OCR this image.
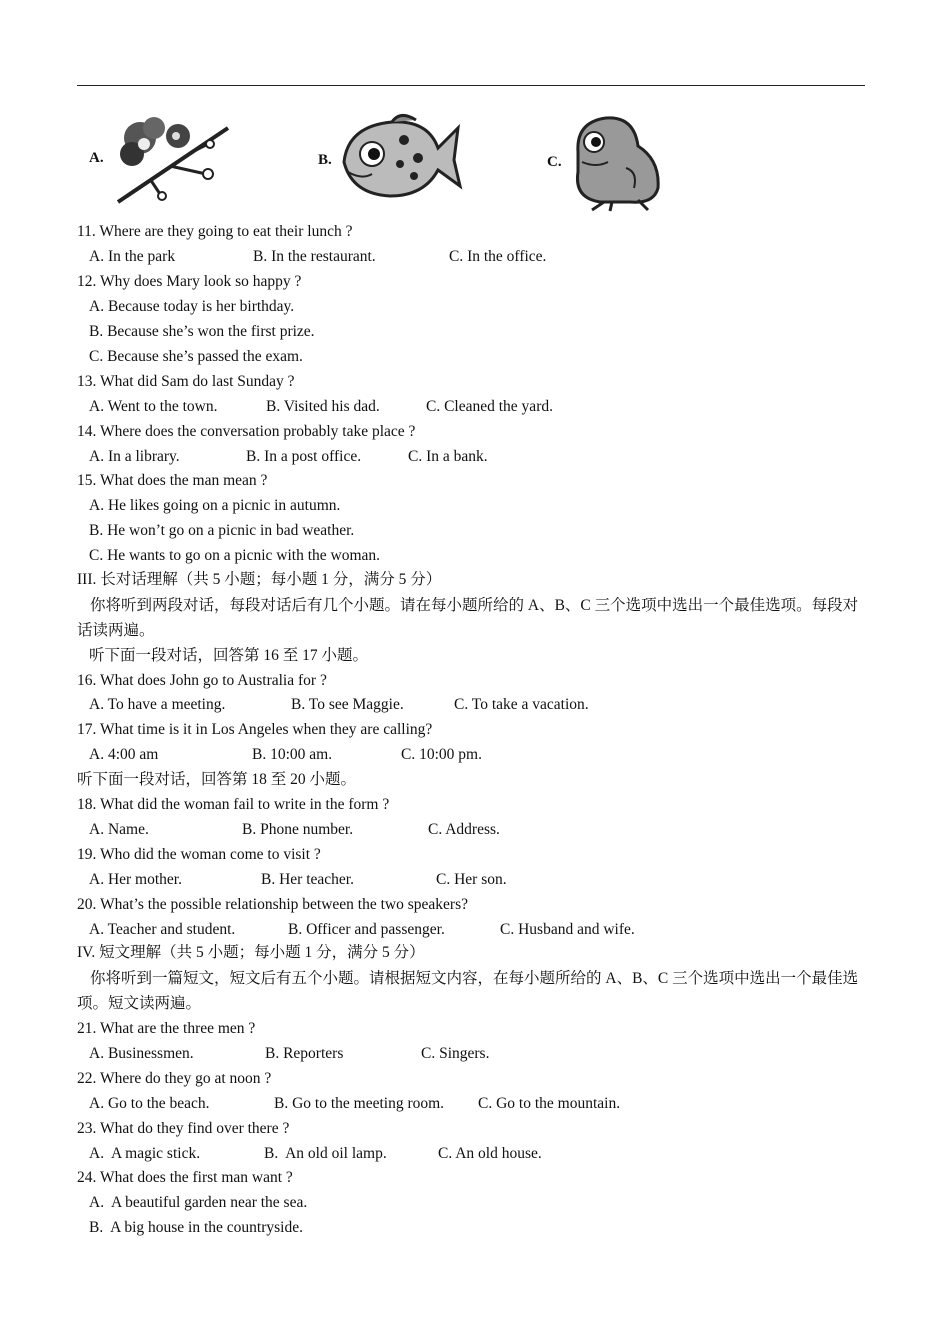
A.	B.	C.
11. Where are they going to eat their lunch ?
A. In the park	B. In the restaurant.	C. In the office.
12. Why does Mary look so happy ?
A. Because today is her birthday.
B. Because she’s won the first prize.
C. Because she’s passed the exam.
13. What did Sam do last Sunday ?
A. Went to the town.	B. Visited his dad.	C. Cleaned the yard.
14. Where does the conversation probably take place ?
A. In a library.	B. In a post office.	C. In a bank.
15. What does the man mean ?
A. He likes going on a picnic in autumn.
B. He won’t go on a picnic in bad weather.
C. He wants to go on a picnic with the woman.
III. 长对话理解（共 5 小题；每小题 1 分，满分 5 分）
你将听到两段对话，每段对话后有几个小题。请在每小题所给的 A、B、C 三个选项中选出一个最佳选项。每段对话读两遍。
听下面一段对话，回答第 16 至 17 小题。
16. What does John go to Australia for ?
A. To have a meeting.	B. To see Maggie.	C. To take a vacation.
17. What time is it in Los Angeles when they are calling?
A. 4:00 am	B. 10:00 am.	C. 10:00 pm.
听下面一段对话，回答第 18 至 20 小题。
18. What did the woman fail to write in the form ?
A. Name.	B. Phone number.	C. Address.
19. Who did the woman come to visit ?
A. Her mother.	B. Her teacher.	C. Her son.
20. What’s the possible relationship between the two speakers?
A. Teacher and student.	B. Officer and passenger.	C. Husband and wife.
IV. 短文理解（共 5 小题；每小题 1 分，满分 5 分）
你将听到一篇短文，短文后有五个小题。请根据短文内容，在每小题所给的 A、B、C 三个选项中选出一个最佳选项。短文读两遍。
21. What are the three men ?
A. Businessmen.	B. Reporters	C. Singers.
22. Where do they go at noon ?
A. Go to the beach.	B. Go to the meeting room. C. Go to the mountain.
23. What do they find over there ?
A.  A magic stick.	B.  An old oil lamp.	C. An old house.
24. What does the first man want ?
A.  A beautiful garden near the sea.
B.  A big house in the countryside.
